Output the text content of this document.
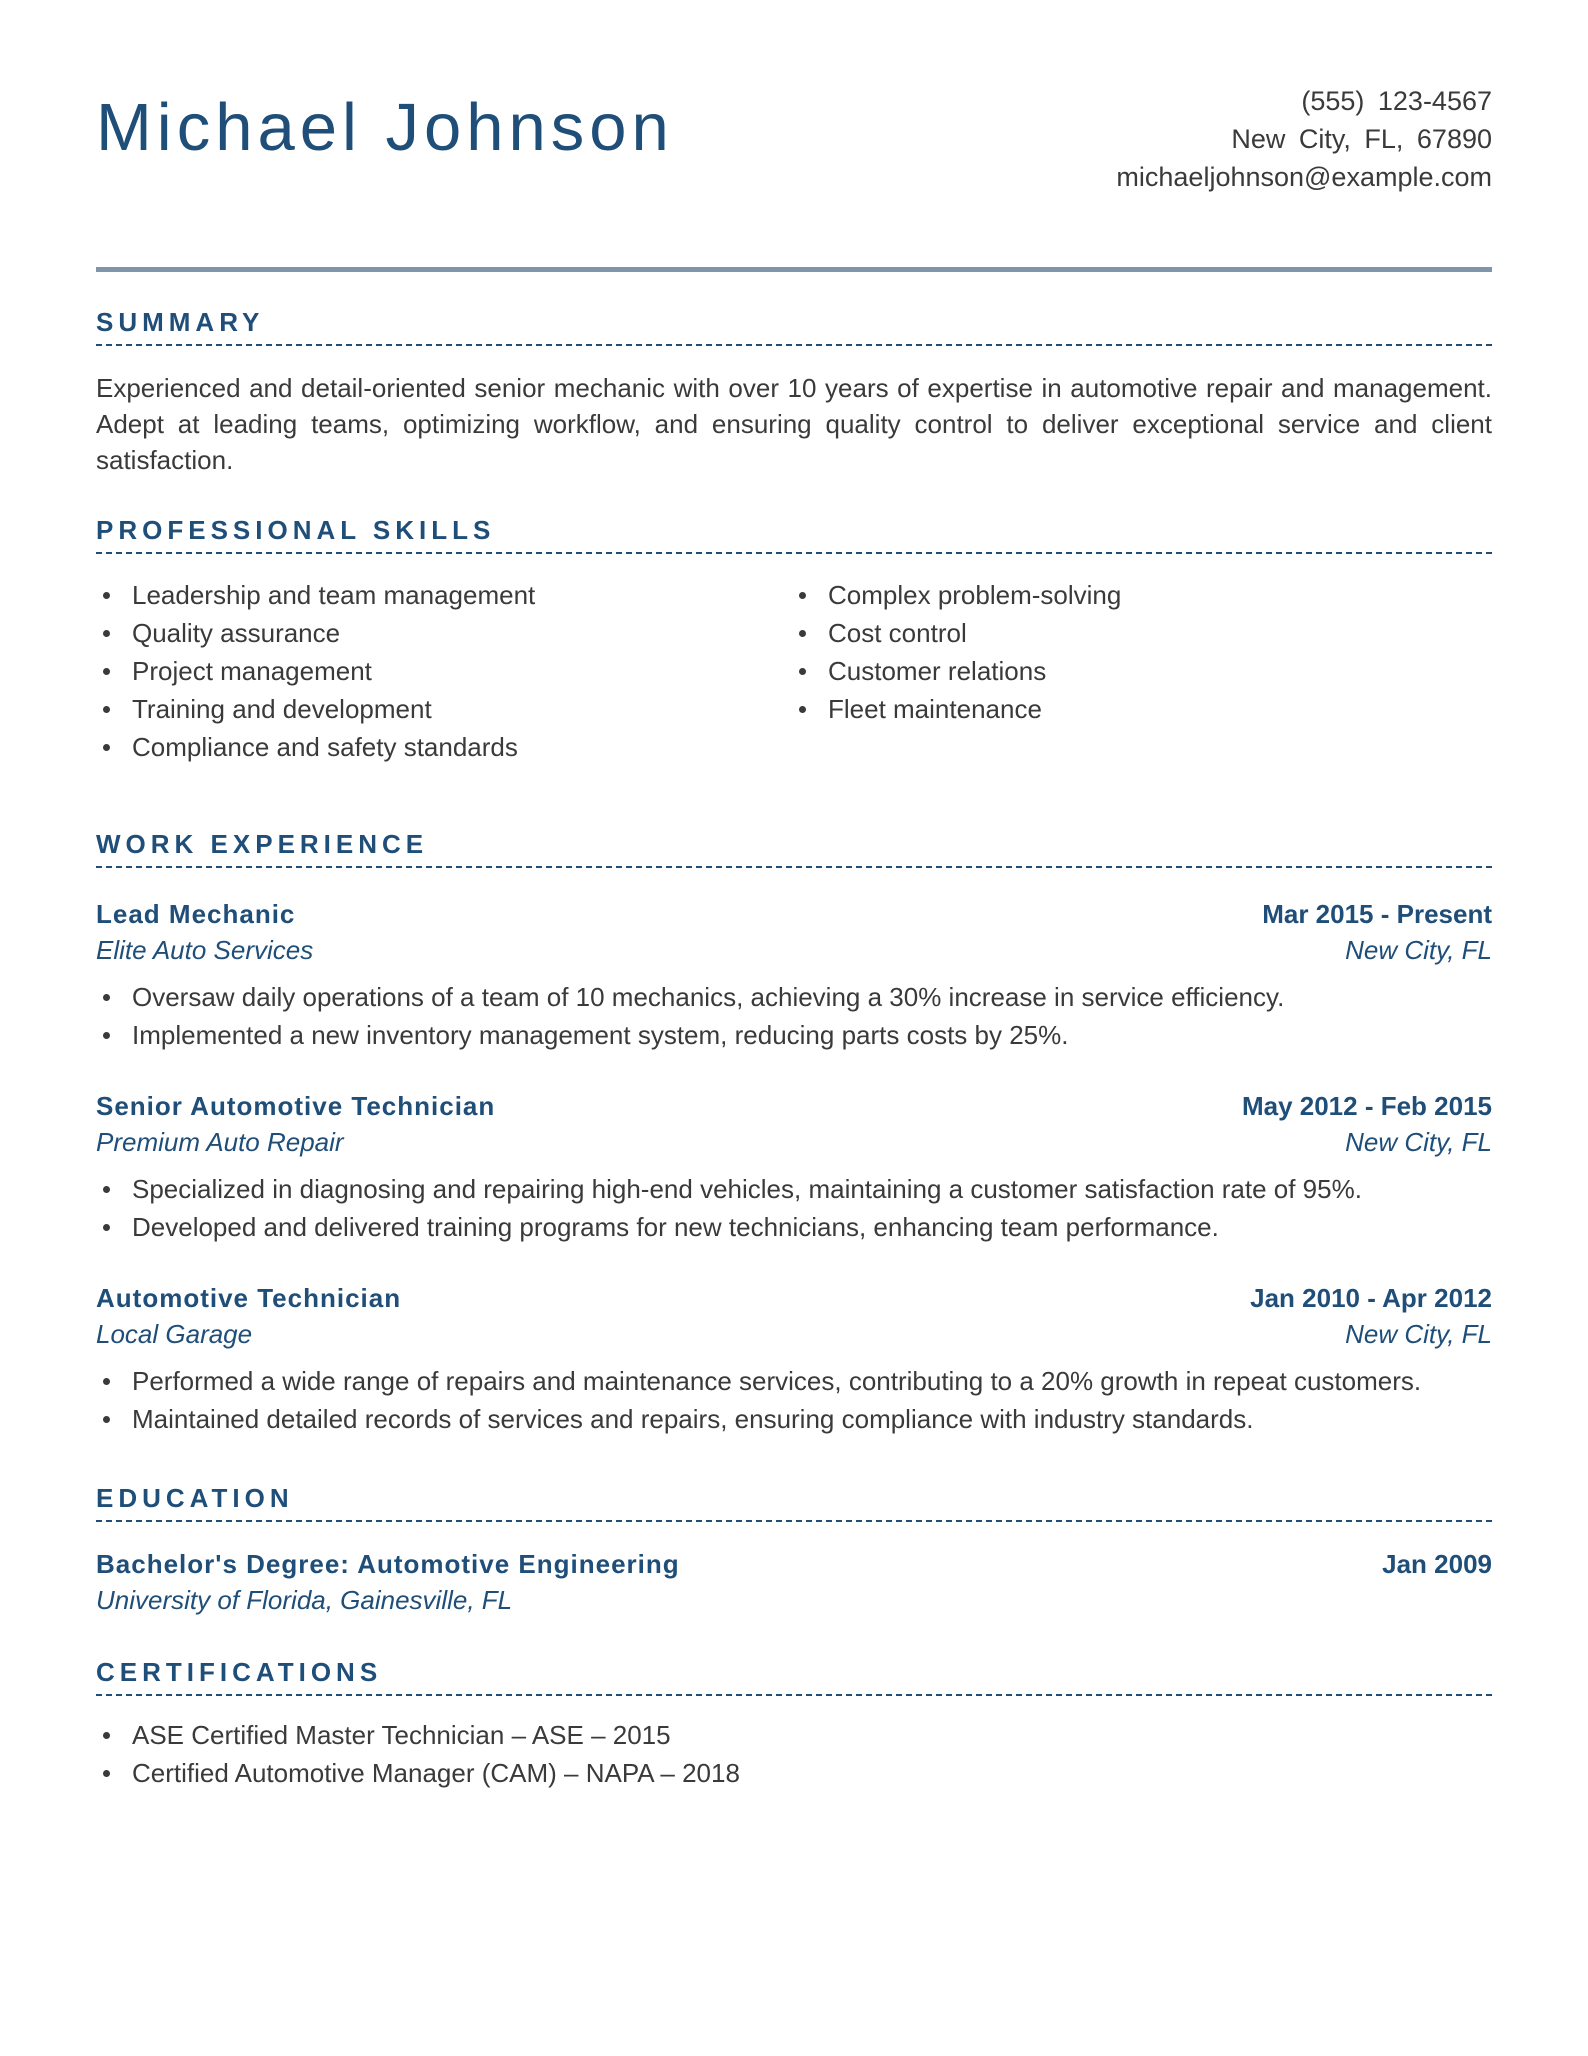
Michael Johnson	(555) 123-4567
New City, FL, 67890
michaeljohnson@example.com
SUMMARY

Experienced and detail-oriented senior mechanic with over 10 years of expertise in automotive repair and management. Adept at leading teams, optimizing workflow, and ensuring quality control to deliver exceptional service and client satisfaction.

PROFESSIONAL SKILLS
Leadership and team management
Quality assurance
Project management
Training and development
Compliance and safety standards
Complex problem-solving
Cost control
Customer relations
Fleet maintenance
WORK EXPERIENCE
Lead Mechanic	Mar 2015 - Present
Elite Auto Services	New City, FL
Oversaw daily operations of a team of 10 mechanics, achieving a 30% increase in service efficiency.
Implemented a new inventory management system, reducing parts costs by 25%.
Senior Automotive Technician	May 2012 - Feb 2015
Premium Auto Repair	New City, FL
Specialized in diagnosing and repairing high-end vehicles, maintaining a customer satisfaction rate of 95%.
Developed and delivered training programs for new technicians, enhancing team performance.
Automotive Technician	Jan 2010 - Apr 2012
Local Garage	New City, FL
Performed a wide range of repairs and maintenance services, contributing to a 20% growth in repeat customers.
Maintained detailed records of services and repairs, ensuring compliance with industry standards.
EDUCATION
Bachelor's Degree: Automotive Engineering	Jan 2009
University of Florida, Gainesville, FL
CERTIFICATIONS
ASE Certified Master Technician – ASE – 2015
Certified Automotive Manager (CAM) – NAPA – 2018
